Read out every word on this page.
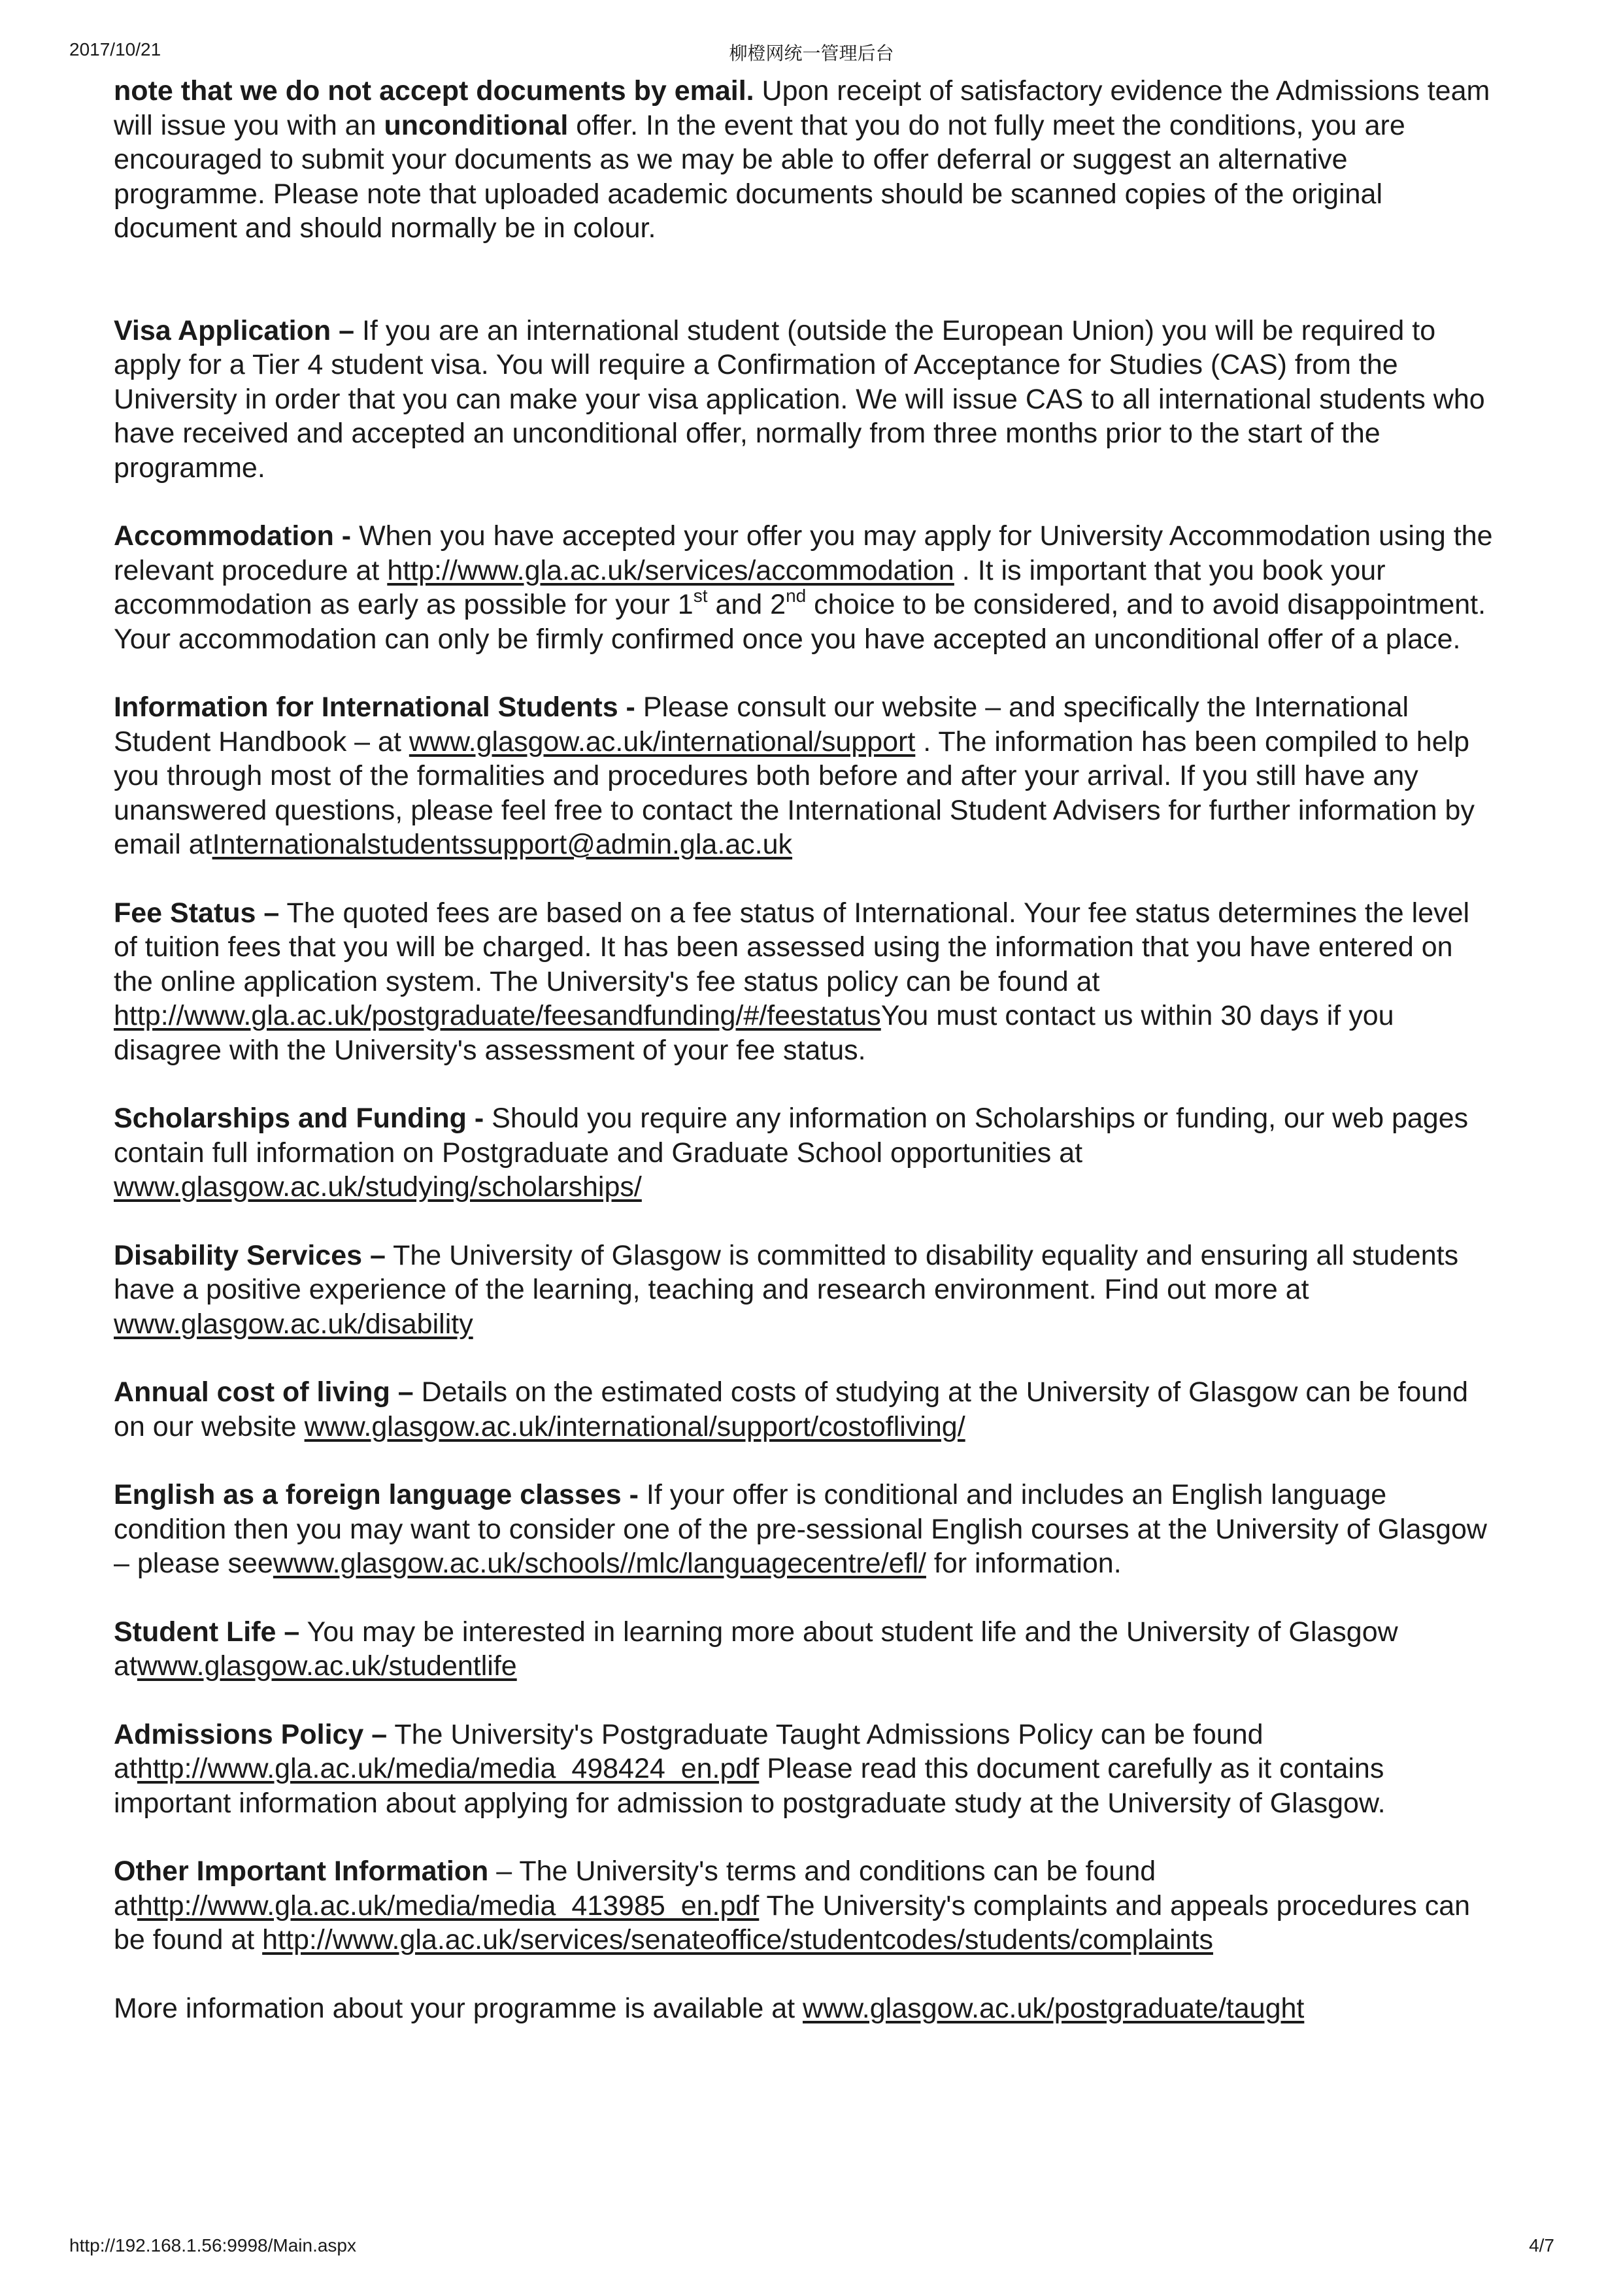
2017/10/21	柳橙网统一管理后台

note that we do not accept documents by email. Upon receipt of satisfactory evidence the Admissions team will issue you with an unconditional offer. In the event that you do not fully meet the conditions, you are encouraged to submit your documents as we may be able to offer deferral or suggest an alternative programme. Please note that uploaded academic documents should be scanned copies of the original document and should normally be in colour.

Visa Application – If you are an international student (outside the European Union) you will be required to apply for a Tier 4 student visa. You will require a Confirmation of Acceptance for Studies (CAS) from the University in order that you can make your visa application. We will issue CAS to all international students who have received and accepted an unconditional offer, normally from three months prior to the start of the programme.

Accommodation - When you have accepted your offer you may apply for University Accommodation using the relevant procedure at http://www.gla.ac.uk/services/accommodation . It is important that you book your accommodation as early as possible for your 1st and 2nd choice to be considered, and to avoid disappointment. Your accommodation can only be firmly confirmed once you have accepted an unconditional offer of a place.

Information for International Students - Please consult our website – and specifically the International Student Handbook – at www.glasgow.ac.uk/international/support . The information has been compiled to help you through most of the formalities and procedures both before and after your arrival. If you still have any unanswered questions, please feel free to contact the International Student Advisers for further information by email atInternationalstudentssupport@admin.gla.ac.uk

Fee Status – The quoted fees are based on a fee status of International. Your fee status determines the level of tuition fees that you will be charged. It has been assessed using the information that you have entered on the online application system. The University's fee status policy can be found at http://www.gla.ac.uk/postgraduate/feesandfunding/#/feestatusYou must contact us within 30 days if you disagree with the University's assessment of your fee status.

Scholarships and Funding - Should you require any information on Scholarships or funding, our web pages contain full information on Postgraduate and Graduate School opportunities at www.glasgow.ac.uk/studying/scholarships/

Disability Services – The University of Glasgow is committed to disability equality and ensuring all students have a positive experience of the learning, teaching and research environment. Find out more at www.glasgow.ac.uk/disability

Annual cost of living – Details on the estimated costs of studying at the University of Glasgow can be found on our website www.glasgow.ac.uk/international/support/costofliving/

English as a foreign language classes - If your offer is conditional and includes an English language condition then you may want to consider one of the pre-sessional English courses at the University of Glasgow – please seewww.glasgow.ac.uk/schools//mlc/languagecentre/efl/ for information.

Student Life – You may be interested in learning more about student life and the University of Glasgow atwww.glasgow.ac.uk/studentlife

Admissions Policy – The University's Postgraduate Taught Admissions Policy can be found athttp://www.gla.ac.uk/media/media_498424_en.pdf Please read this document carefully as it contains important information about applying for admission to postgraduate study at the University of Glasgow.

Other Important Information – The University's terms and conditions can be found athttp://www.gla.ac.uk/media/media_413985_en.pdf The University's complaints and appeals procedures can be found at http://www.gla.ac.uk/services/senateoffice/studentcodes/students/complaints

More information about your programme is available at www.glasgow.ac.uk/postgraduate/taught

http://192.168.1.56:9998/Main.aspx	4/7
